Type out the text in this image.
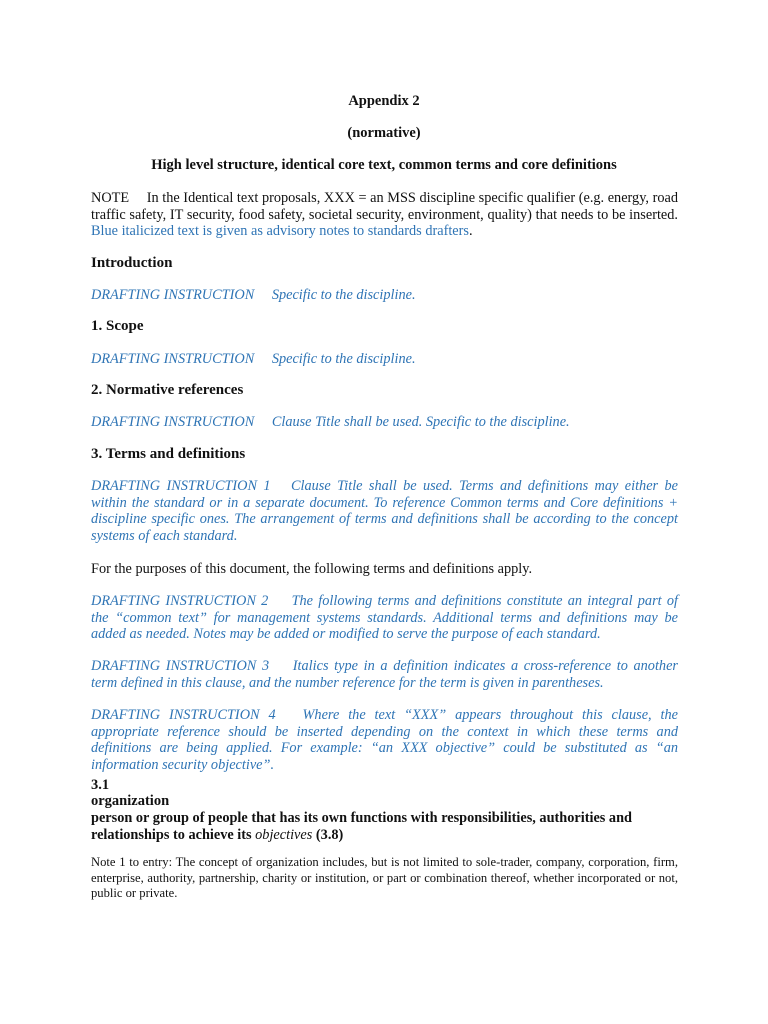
Appendix 2
(normative)
High level structure, identical core text, common terms and core definitions
NOTE In the Identical text proposals, XXX = an MSS discipline specific qualifier (e.g. energy, road traffic safety, IT security, food safety, societal security, environment, quality) that needs to be inserted. Blue italicized text is given as advisory notes to standards drafters.
Introduction
DRAFTING INSTRUCTION Specific to the discipline.
1. Scope
DRAFTING INSTRUCTION Specific to the discipline.
2. Normative references
DRAFTING INSTRUCTION Clause Title shall be used. Specific to the discipline.
3. Terms and definitions
DRAFTING INSTRUCTION 1 Clause Title shall be used. Terms and definitions may either be within the standard or in a separate document. To reference Common terms and Core definitions + discipline specific ones. The arrangement of terms and definitions shall be according to the concept systems of each standard.
For the purposes of this document, the following terms and definitions apply.
DRAFTING INSTRUCTION 2 The following terms and definitions constitute an integral part of the “common text” for management systems standards. Additional terms and definitions may be added as needed. Notes may be added or modified to serve the purpose of each standard.
DRAFTING INSTRUCTION 3 Italics type in a definition indicates a cross-reference to another term defined in this clause, and the number reference for the term is given in parentheses.
DRAFTING INSTRUCTION 4 Where the text “XXX” appears throughout this clause, the appropriate reference should be inserted depending on the context in which these terms and definitions are being applied. For example: “an XXX objective” could be substituted as “an information security objective”.
3.1
organization
person or group of people that has its own functions with responsibilities, authorities and relationships to achieve its objectives (3.8)
Note 1 to entry: The concept of organization includes, but is not limited to sole-trader, company, corporation, firm, enterprise, authority, partnership, charity or institution, or part or combination thereof, whether incorporated or not, public or private.
